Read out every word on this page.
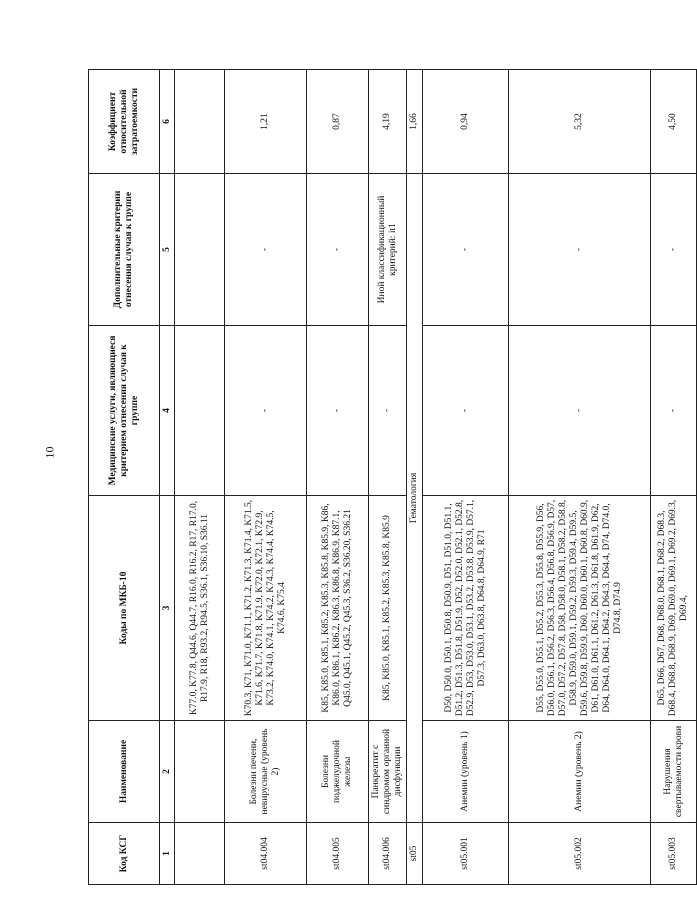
10
Код КСГ	Наименование	Коды по МКБ-10	Медицинские услуги, являющиеся критерием отнесения случая к группе	Дополнительные критерии отнесения случая к группе	Коэффициент относительной затратоемкости
1	2	3	4	5	6
		K77.0, K77.8, Q44.6, Q44.7, R16.0, R16.2, R17, R17.0, R17.9, R18, R93.2, R94.5, S36.1, S36.10, S36.11			
st04.004	Болезни печени, невирусные (уровень 2)	K70.3, K71, K71.0, K71.1, K71.2, K71.3, K71.4, K71.5, K71.6, K71.7, K71.8, K71.9, K72.0, K72.1, K72.9, K73.2, K74.0, K74.1, K74.2, K74.3, K74.4, K74.5, K74.6, K75.4	-	-	1,21
st04.005	Болезни поджелудочной железы	K85, K85.0, K85.1, K85.2, K85.3, K85.8, K85.9, K86, K86.0, K86.1, K86.2, K86.3, K86.8, K86.9, K87.1, Q45.0, Q45.1, Q45.2, Q45.3, S36.2, S36.20, S36.21	-	-	0,87
st04.006	Панкреатит с синдромом органной дисфункции	K85, K85.0, K85.1, K85.2, K85.3, K85.8, K85.9	-	Иной классификационный критерий: it1	4,19
st05	Гематология				1,66
st05.001	Анемии (уровень 1)	D50, D50.0, D50.1, D50.8, D50.9, D51, D51.0, D51.1, D51.2, D51.3, D51.8, D51.9, D52, D52.0, D52.1, D52.8, D52.9, D53, D53.0, D53.1, D53.2, D53.8, D53.9, D57.1, D57.3, D63.0, D63.8, D64.8, D64.9, R71	-	-	0,94
st05.002	Анемии (уровень 2)	D55, D55.0, D55.1, D55.2, D55.3, D55.8, D55.9, D56, D56.0, D56.1, D56.2, D56.3, D56.4, D56.8, D56.9, D57, D57.0, D57.2, D57.8, D58, D58.0, D58.1, D58.2, D58.8, D58.9, D59.0, D59.1, D59.2, D59.3, D59.4, D59.5, D59.6, D59.8, D59.9, D60, D60.0, D60.1, D60.8, D60.9, D61, D61.0, D61.1, D61.2, D61.3, D61.8, D61.9, D62, D64, D64.0, D64.1, D64.2, D64.3, D64.4, D74, D74.0, D74.8, D74.9	-	-	5,32
st05.003	Нарушения свертываемости крови	D65, D66, D67, D68, D68.0, D68.1, D68.2, D68.3, D68.4, D68.8, D68.9, D69, D69.0, D69.1, D69.2, D69.3, D69.4,	-	-	4,50
